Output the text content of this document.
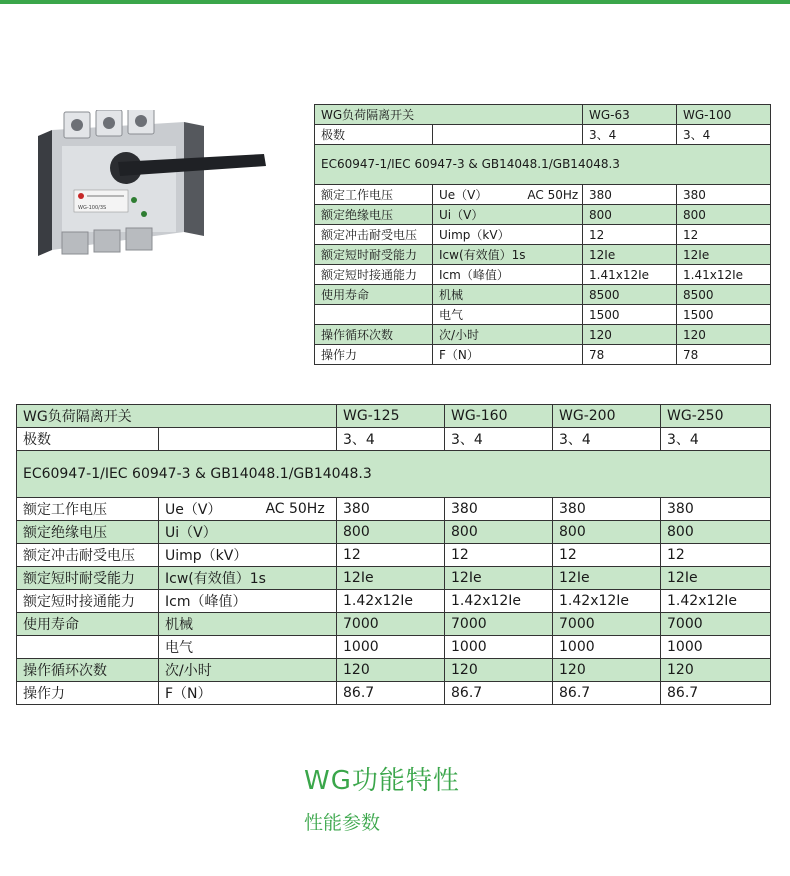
WG-100/3S
WG负荷隔离开关		WG-63	WG-100
极数		3、4	3、4
EC60947-1/IEC 60947-3 & GB14048.1/GB14048.3			
额定工作电压	Ue（V） AC 50Hz	380	380
额定绝缘电压	Ui（V）	800	800
额定冲击耐受电压	Uimp（kV）	12	12
额定短时耐受能力	Icw(有效值）1s	12Ie	12Ie
额定短时接通能力	Icm（峰值）	1.41x12Ie	1.41x12Ie
使用寿命	机械	8500	8500

	电气	1500	1500
操作循环次数	次/小时	120	120
操作力	F（N）	78	78
WG负荷隔离开关		WG-125	WG-160	WG-200	WG-250
极数		3、4	3、4	3、4	3、4
EC60947-1/IEC 60947-3 & GB14048.1/GB14048.3					
额定工作电压	Ue（V） AC 50Hz	380	380	380	380
额定绝缘电压	Ui（V）	800	800	800	800
额定冲击耐受电压	Uimp（kV）	12	12	12	12
额定短时耐受能力	Icw(有效值）1s	12Ie	12Ie	12Ie	12Ie
额定短时接通能力	Icm（峰值）	1.42x12Ie	1.42x12Ie	1.42x12Ie	1.42x12Ie
使用寿命	机械	7000	7000	7000	7000

	电气	1000	1000	1000	1000
操作循环次数	次/小时	120	120	120	120
操作力	F（N）	86.7	86.7	86.7	86.7
WG功能特性
性能参数
